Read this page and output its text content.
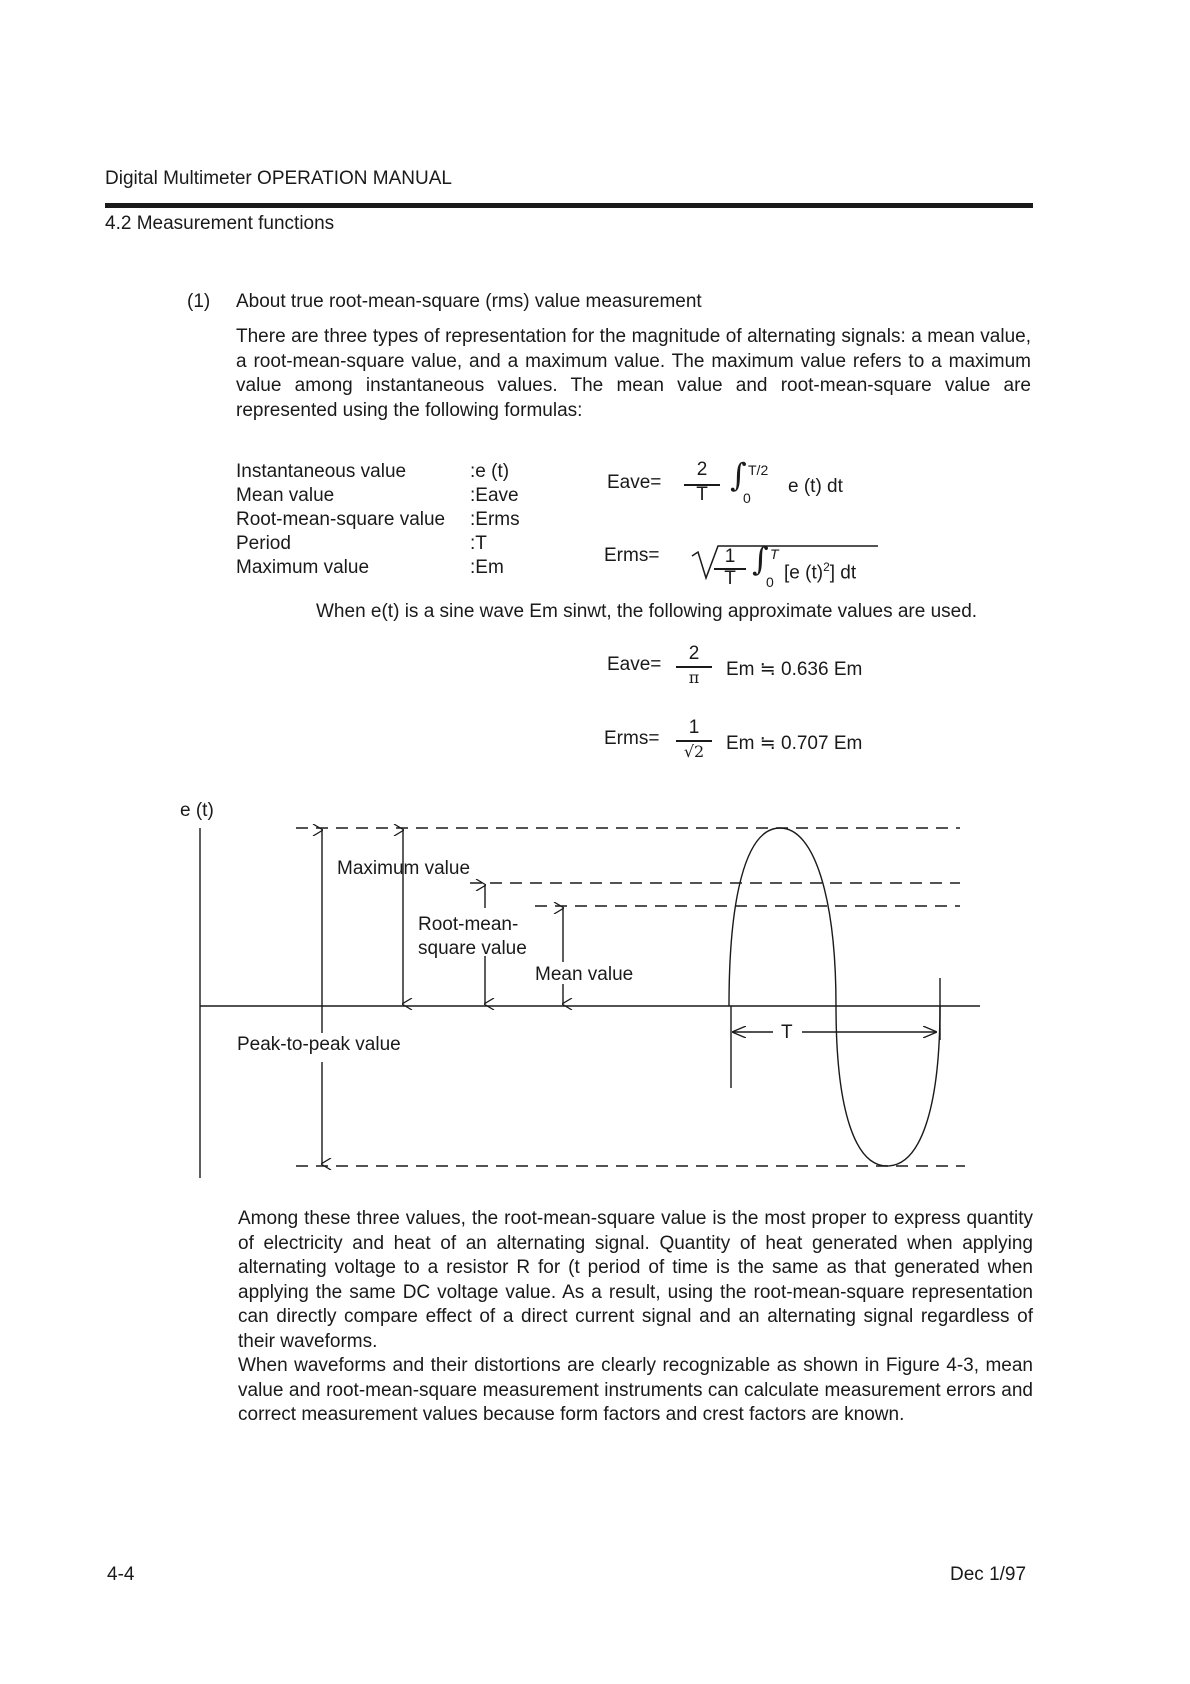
Digital Multimeter OPERATION MANUAL
4.2 Measurement functions
(1) About true root-mean-square (rms) value measurement
There are three types of representation for the magnitude of alternating signals: a mean value, a root-mean-square value, and a maximum value. The maximum value refers to a maximum value among instantaneous values. The mean value and root-mean-square value are represented using the following formulas:
Instantaneous value	:e (t)
Mean value	:Eave
Root-mean-square value :Erms
Period	:T
Maximum value	:Em
Eave=
2
T
∫ T/2
0
e (t) dt
Erms=	1
T
∫ T
0 [e $(t)^2$] dt
When e(t) is a sine wave Em sinwt, the following approximate values are used.
Eave=
2
π	Em ≒ 0.636 Em
Erms=
1
√2 Em ≒ 0.707 Em
e (t)
Maximum value
Root-mean-
square value
Mean value
Peak-to-peak value
T

Among these three values, the root-mean-square value is the most proper to express quantity of electricity and heat of an alternating signal. Quantity of heat generated when applying alternating voltage to a resistor R for (t period of time is the same as that generated when applying the same DC voltage value. As a result, using the root-mean-square representation can directly compare effect of a direct current signal and an alternating signal regardless of their waveforms.

When waveforms and their distortions are clearly recognizable as shown in Figure 4-3, mean value and root-mean-square measurement instruments can calculate measurement errors and correct measurement values because form factors and crest factors are known.

4-4	Dec 1/97
